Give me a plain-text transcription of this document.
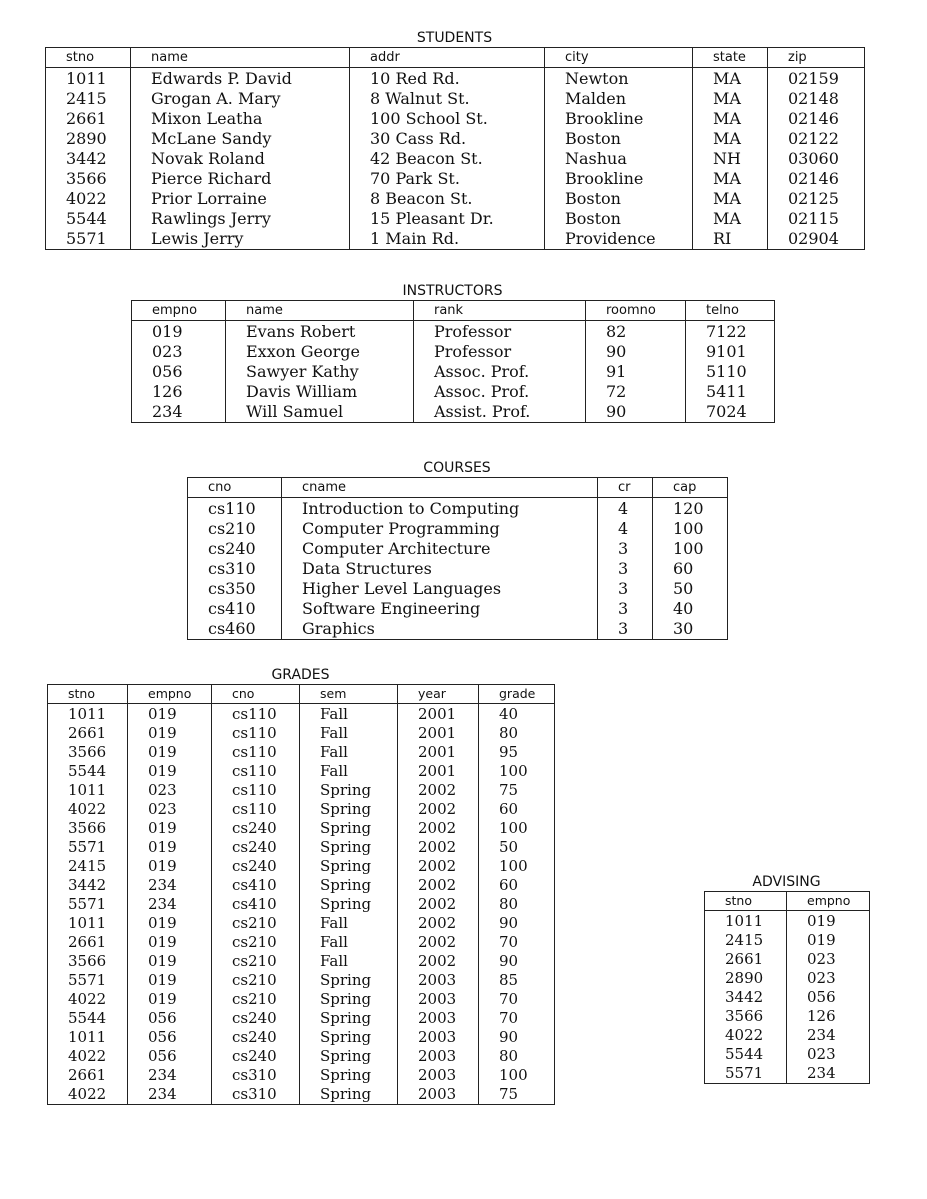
STUDENTS
stno	name	addr	city	state	zip
1011	Edwards P. David	10 Red Rd.	Newton	MA	02159
2415	Grogan A. Mary	8 Walnut St.	Malden	MA	02148
2661	Mixon Leatha	100 School St.	Brookline	MA	02146
2890	McLane Sandy	30 Cass Rd.	Boston	MA	02122
3442	Novak Roland	42 Beacon St.	Nashua	NH	03060
3566	Pierce Richard	70 Park St.	Brookline	MA	02146
4022	Prior Lorraine	8 Beacon St.	Boston	MA	02125
5544	Rawlings Jerry	15 Pleasant Dr.	Boston	MA	02115
5571	Lewis Jerry	1 Main Rd.	Providence	RI	02904
INSTRUCTORS
empno	name	rank	roomno	telno
019	Evans Robert	Professor	82	7122
023	Exxon George	Professor	90	9101
056	Sawyer Kathy	Assoc. Prof.	91	5110
126	Davis William	Assoc. Prof.	72	5411
234	Will Samuel	Assist. Prof.	90	7024
COURSES
cno	cname	cr	cap
cs110	Introduction to Computing	4	120
cs210	Computer Programming	4	100
cs240	Computer Architecture	3	100
cs310	Data Structures	3	60
cs350	Higher Level Languages	3	50
cs410	Software Engineering	3	40
cs460	Graphics	3	30
GRADES
stno	empno	cno	sem	year	grade
1011	019	cs110	Fall	2001	40
2661	019	cs110	Fall	2001	80
3566	019	cs110	Fall	2001	95
5544	019	cs110	Fall	2001	100
1011	023	cs110	Spring	2002	75
4022	023	cs110	Spring	2002	60
3566	019	cs240	Spring	2002	100
5571	019	cs240	Spring	2002	50
2415	019	cs240	Spring	2002	100
3442	234	cs410	Spring	2002	60
5571	234	cs410	Spring	2002	80
1011	019	cs210	Fall	2002	90
2661	019	cs210	Fall	2002	70
3566	019	cs210	Fall	2002	90
5571	019	cs210	Spring	2003	85
4022	019	cs210	Spring	2003	70
5544	056	cs240	Spring	2003	70
1011	056	cs240	Spring	2003	90
4022	056	cs240	Spring	2003	80
2661	234	cs310	Spring	2003	100
4022	234	cs310	Spring	2003	75
ADVISING
stno	empno
1011	019
2415	019
2661	023
2890	023
3442	056
3566	126
4022	234
5544	023
5571	234
